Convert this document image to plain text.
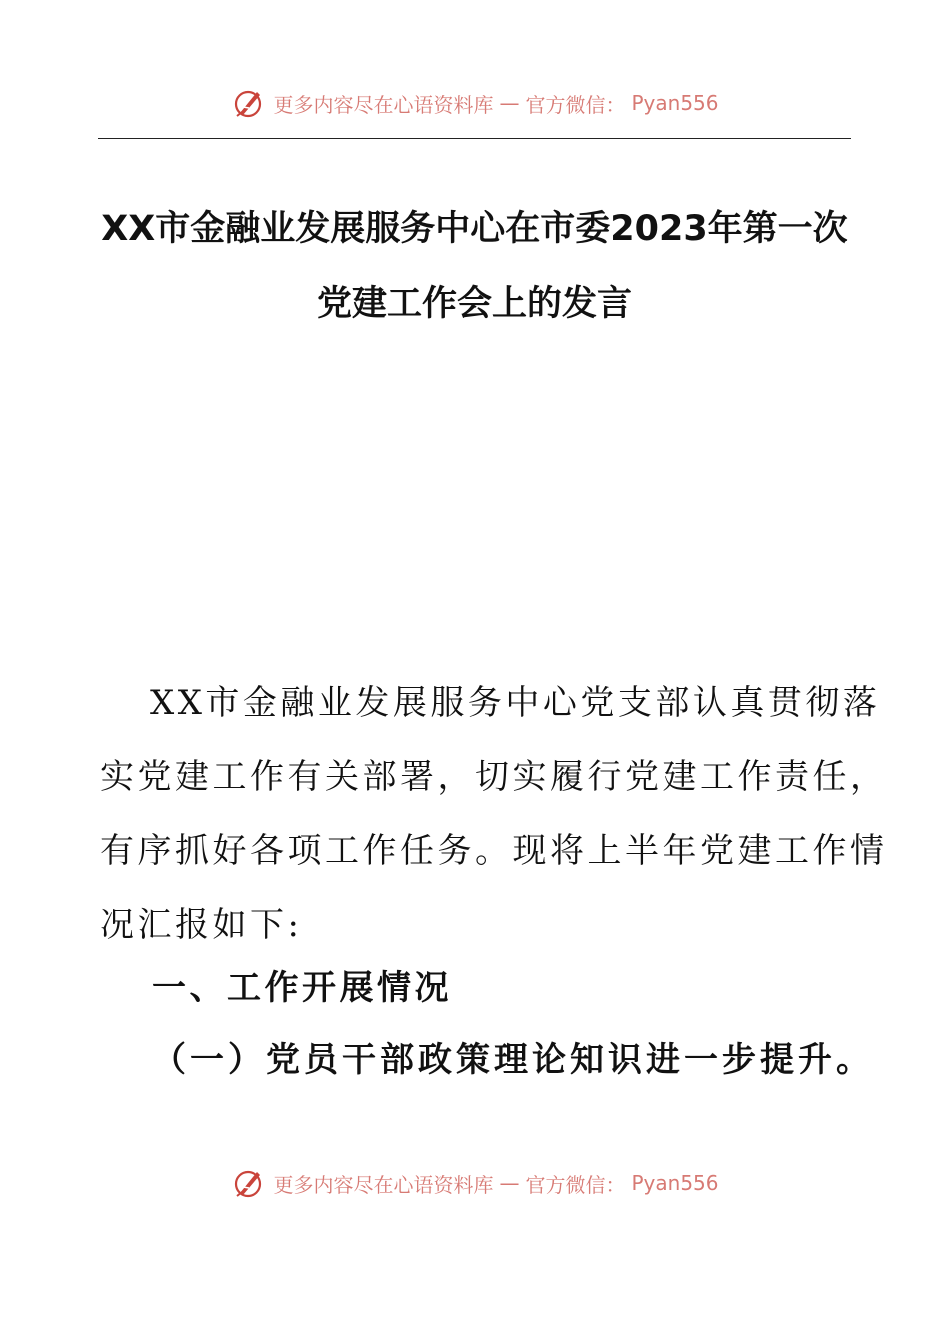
更多内容尽在心语资料库 — 官方微信： Pyan556
XX市金融业发展服务中心在市委2023年第一次
党建工作会上的发言

XX市金融业发展服务中心党支部认真贯彻落
实党建工作有关部署，切实履行党建工作责任，
有序抓好各项工作任务。现将上半年党建工作情
况汇报如下:

一、工作开展情况
（一）党员干部政策理论知识进一步提升。
更多内容尽在心语资料库 — 官方微信： Pyan556
